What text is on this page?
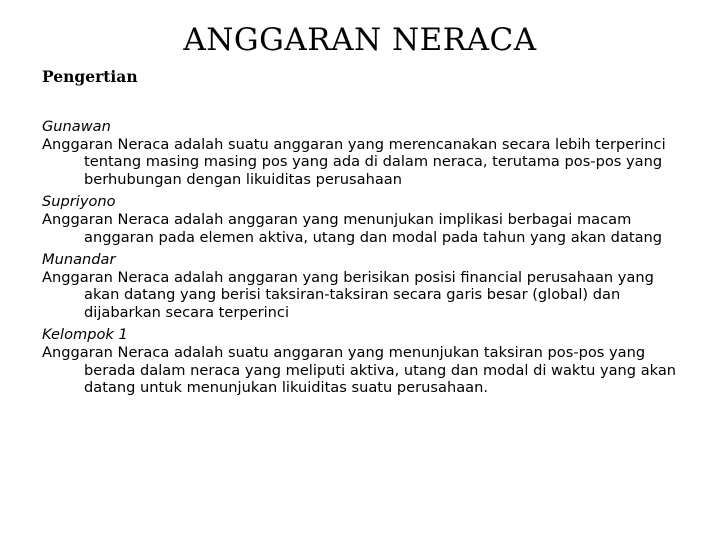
ANGGARAN NERACA

Pengertian

Gunawan

Anggaran Neraca adalah suatu anggaran yang merencanakan secara lebih terperinci tentang masing masing pos yang ada di dalam neraca, terutama pos-pos yang berhubungan dengan likuiditas perusahaan

Supriyono

Anggaran Neraca adalah anggaran yang menunjukan implikasi berbagai macam anggaran pada elemen aktiva, utang dan modal pada tahun yang akan datang

Munandar

Anggaran Neraca adalah anggaran yang berisikan posisi financial perusahaan yang akan datang yang berisi taksiran-taksiran secara garis besar (global) dan dijabarkan secara terperinci

Kelompok 1

Anggaran Neraca adalah suatu anggaran yang menunjukan taksiran pos-pos yang berada dalam neraca yang meliputi aktiva, utang dan modal di waktu yang akan datang untuk menunjukan likuiditas suatu perusahaan.
